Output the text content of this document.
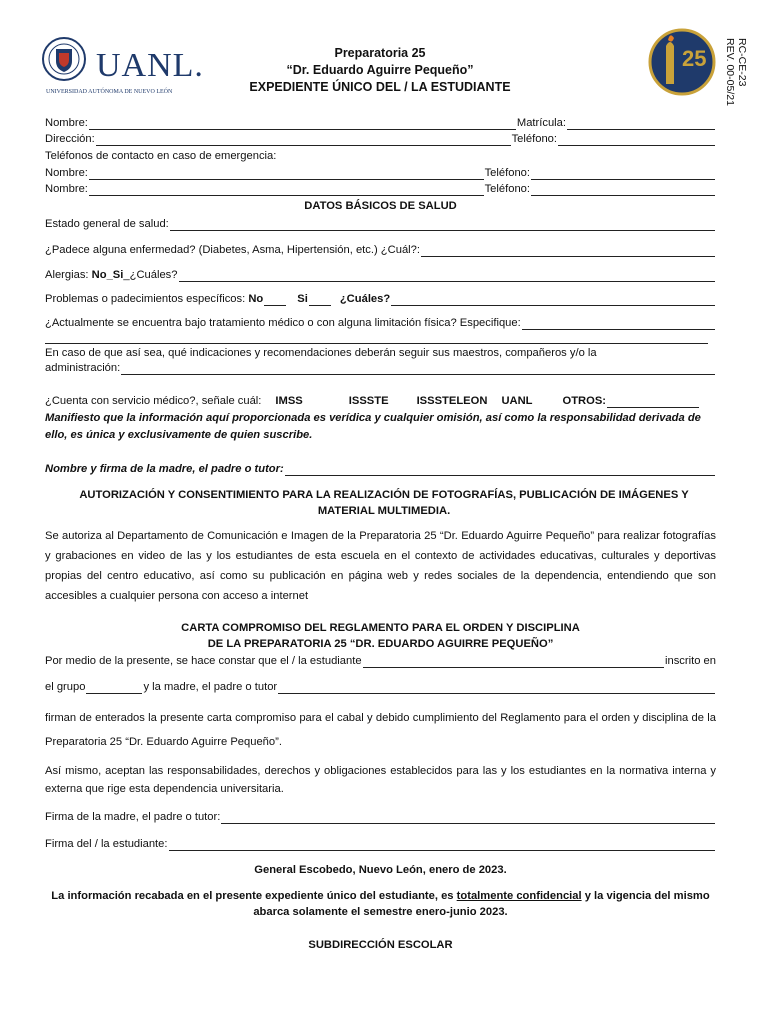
UANL.
UNIVERSIDAD AUTÓNOMA DE NUEVO LEÓN
25	RC-CE-23
REV. 00-05/21
Preparatoria 25
“Dr. Eduardo Aguirre Pequeño”
EXPEDIENTE ÚNICO DEL / LA ESTUDIANTE
Nombre:	Matrícula:
Dirección:	Teléfono:
Teléfonos de contacto en caso de emergencia:
Nombre:	Teléfono:
Nombre:	Teléfono:
DATOS BÁSICOS DE SALUD
Estado general de salud:
¿Padece alguna enfermedad? (Diabetes, Asma, Hipertensión, etc.) ¿Cuál?:
Alergias:
No _ Si _ ¿Cuáles?
Problemas o padecimientos específicos:
No	Si	¿Cuáles?
¿Actualmente se encuentra bajo tratamiento médico o con alguna limitación física? Especifique:
En caso de que así sea, qué indicaciones y recomendaciones deberán seguir sus maestros, compañeros y/o la
administración:
¿Cuenta con servicio médico?, señale cuál: IMSS	ISSSTE	ISSSTELEON UANL	OTROS:
Manifiesto que la información aquí proporcionada es verídica y cualquier omisión, así como la responsabilidad derivada de ello, es única y exclusivamente de quien suscribe.
Nombre y firma de la madre, el padre o tutor:
AUTORIZACIÓN Y CONSENTIMIENTO PARA LA REALIZACIÓN DE FOTOGRAFÍAS, PUBLICACIÓN DE IMÁGENES Y MATERIAL MULTIMEDIA.
Se autoriza al Departamento de Comunicación e Imagen de la Preparatoria 25 “Dr. Eduardo Aguirre Pequeño” para realizar fotografías y grabaciones en video de las y los estudiantes de esta escuela en el contexto de actividades educativas, culturales y deportivas propias del centro educativo, así como su publicación en página web y redes sociales de la dependencia, entendiendo que son accesibles a cualquier persona con acceso a internet
CARTA COMPROMISO DEL REGLAMENTO PARA EL ORDEN Y DISCIPLINA
DE LA PREPARATORIA 25 “DR. EDUARDO AGUIRRE PEQUEÑO”
Por medio de la presente, se hace constar que el / la estudiante	inscrito en
el grupo	y la madre, el padre o tutor
firman de enterados la presente carta compromiso para el cabal y debido cumplimiento del Reglamento para el orden y disciplina de la Preparatoria 25 “Dr. Eduardo Aguirre Pequeño”.
Así mismo, aceptan las responsabilidades, derechos y obligaciones establecidos para las y los estudiantes en la normativa interna y externa que rige esta dependencia universitaria.
Firma de la madre, el padre o tutor:
Firma del / la estudiante:
General Escobedo, Nuevo León, enero de 2023.
La información recabada en el presente expediente único del estudiante, es totalmente confidencial y la vigencia del mismo abarca solamente el semestre enero-junio 2023.
SUBDIRECCIÓN ESCOLAR
